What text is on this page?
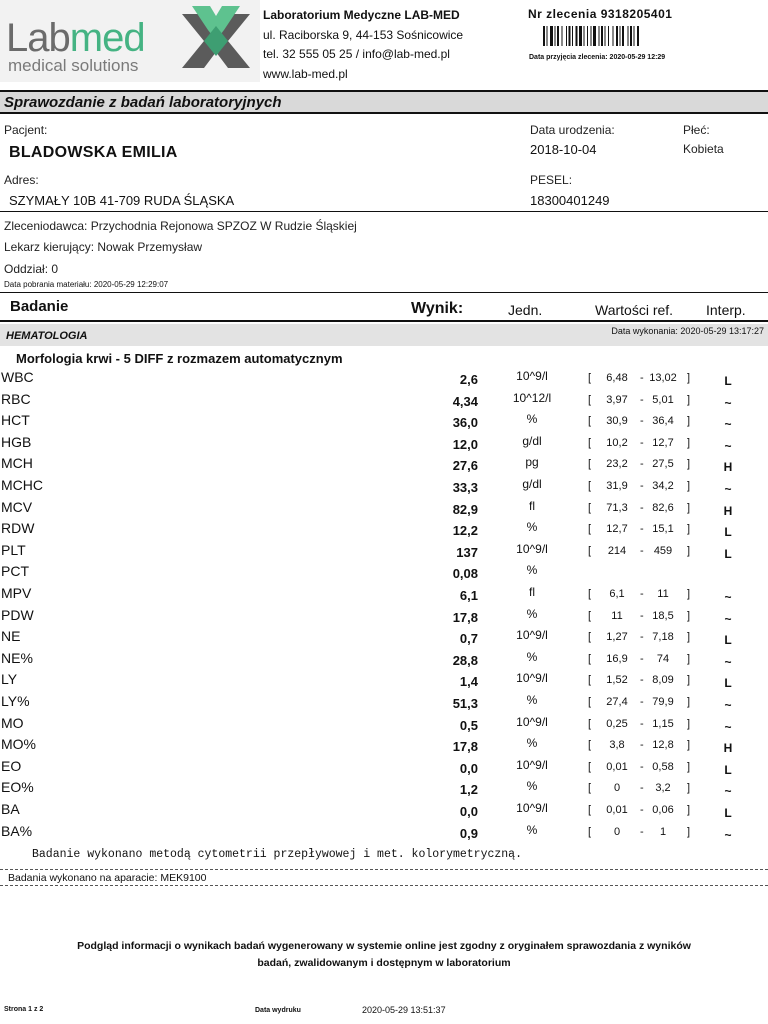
Labmed
medical solutions
Laboratorium Medyczne LAB-MED
ul. Raciborska 9, 44-153 Sośnicowice
tel. 32 555 05 25 / info@lab-med.pl
www.lab-med.pl
Nr zlecenia 9318205401
Data przyjęcia zlecenia: 2020-05-29 12:29
Sprawozdanie z badań laboratoryjnych
Pacjent:
BLADOWSKA EMILIA
Data urodzenia:
2018-10-04
Płeć:
Kobieta
Adres:
SZYMAŁY 10B 41-709 RUDA ŚLĄSKA
PESEL:
18300401249
Zleceniodawca: Przychodnia Rejonowa SPZOZ W Rudzie Śląskiej
Lekarz kierujący: Nowak Przemysław
Oddział: 0
Data pobrania materiału: 2020-05-29 12:29:07
Badanie	Wynik:	Jedn.	Wartości ref. Interp.
HEMATOLOGIA	Data wykonania: 2020-05-29 13:17:27
Morfologia krwi - 5 DIFF z rozmazem automatycznym
WBC	2,6	10^9/l	[	6,48	- 13,02 ]	L
RBC	4,34	10^12/l	[	3,97	- 5,01	]	~
HCT	36,0	%	[	30,9	- 36,4	]	~
HGB	12,0	g/dl	[	10,2	- 12,7	]	~
MCH	27,6	pg	[	23,2	- 27,5	]	H
MCHC	33,3	g/dl	[	31,9	- 34,2	]	~
MCV	82,9	fl	[	71,3	- 82,6	]	H
RDW	12,2	%	[	12,7	- 15,1	]	L
PLT	137	10^9/l	[	214	- 459	]	L
PCT	0,08	%
MPV	6,1	fl	[	6,1	-	11	]	~
PDW	17,8	%	[	11	- 18,5	]	~
NE	0,7	10^9/l	[	1,27	- 7,18	]	L
NE%	28,8	%	[	16,9	-	74	]	~
LY	1,4	10^9/l	[	1,52	- 8,09	]	L
LY%	51,3	%	[	27,4	- 79,9	]	~
MO	0,5	10^9/l	[	0,25	- 1,15	]	~
MO%	17,8	%	[	3,8	- 12,8	]	H
EO	0,0	10^9/l	[	0,01	- 0,58	]	L
EO%	1,2	%	[	0	-	3,2	]	~
BA	0,0	10^9/l	[	0,01	- 0,06	]	L
BA%	0,9	%	[	0	-	1	]	~
Badanie wykonano metodą cytometrii przepływowej i met. kolorymetryczną.
Badania wykonano na aparacie: MEK9100
Podgląd informacji o wynikach badań wygenerowany w systemie online jest zgodny z oryginałem sprawozdania z wyników badań, zwalidowanym i dostępnym w laboratorium
Strona 1 z 2	Data wydruku	2020-05-29 13:51:37
